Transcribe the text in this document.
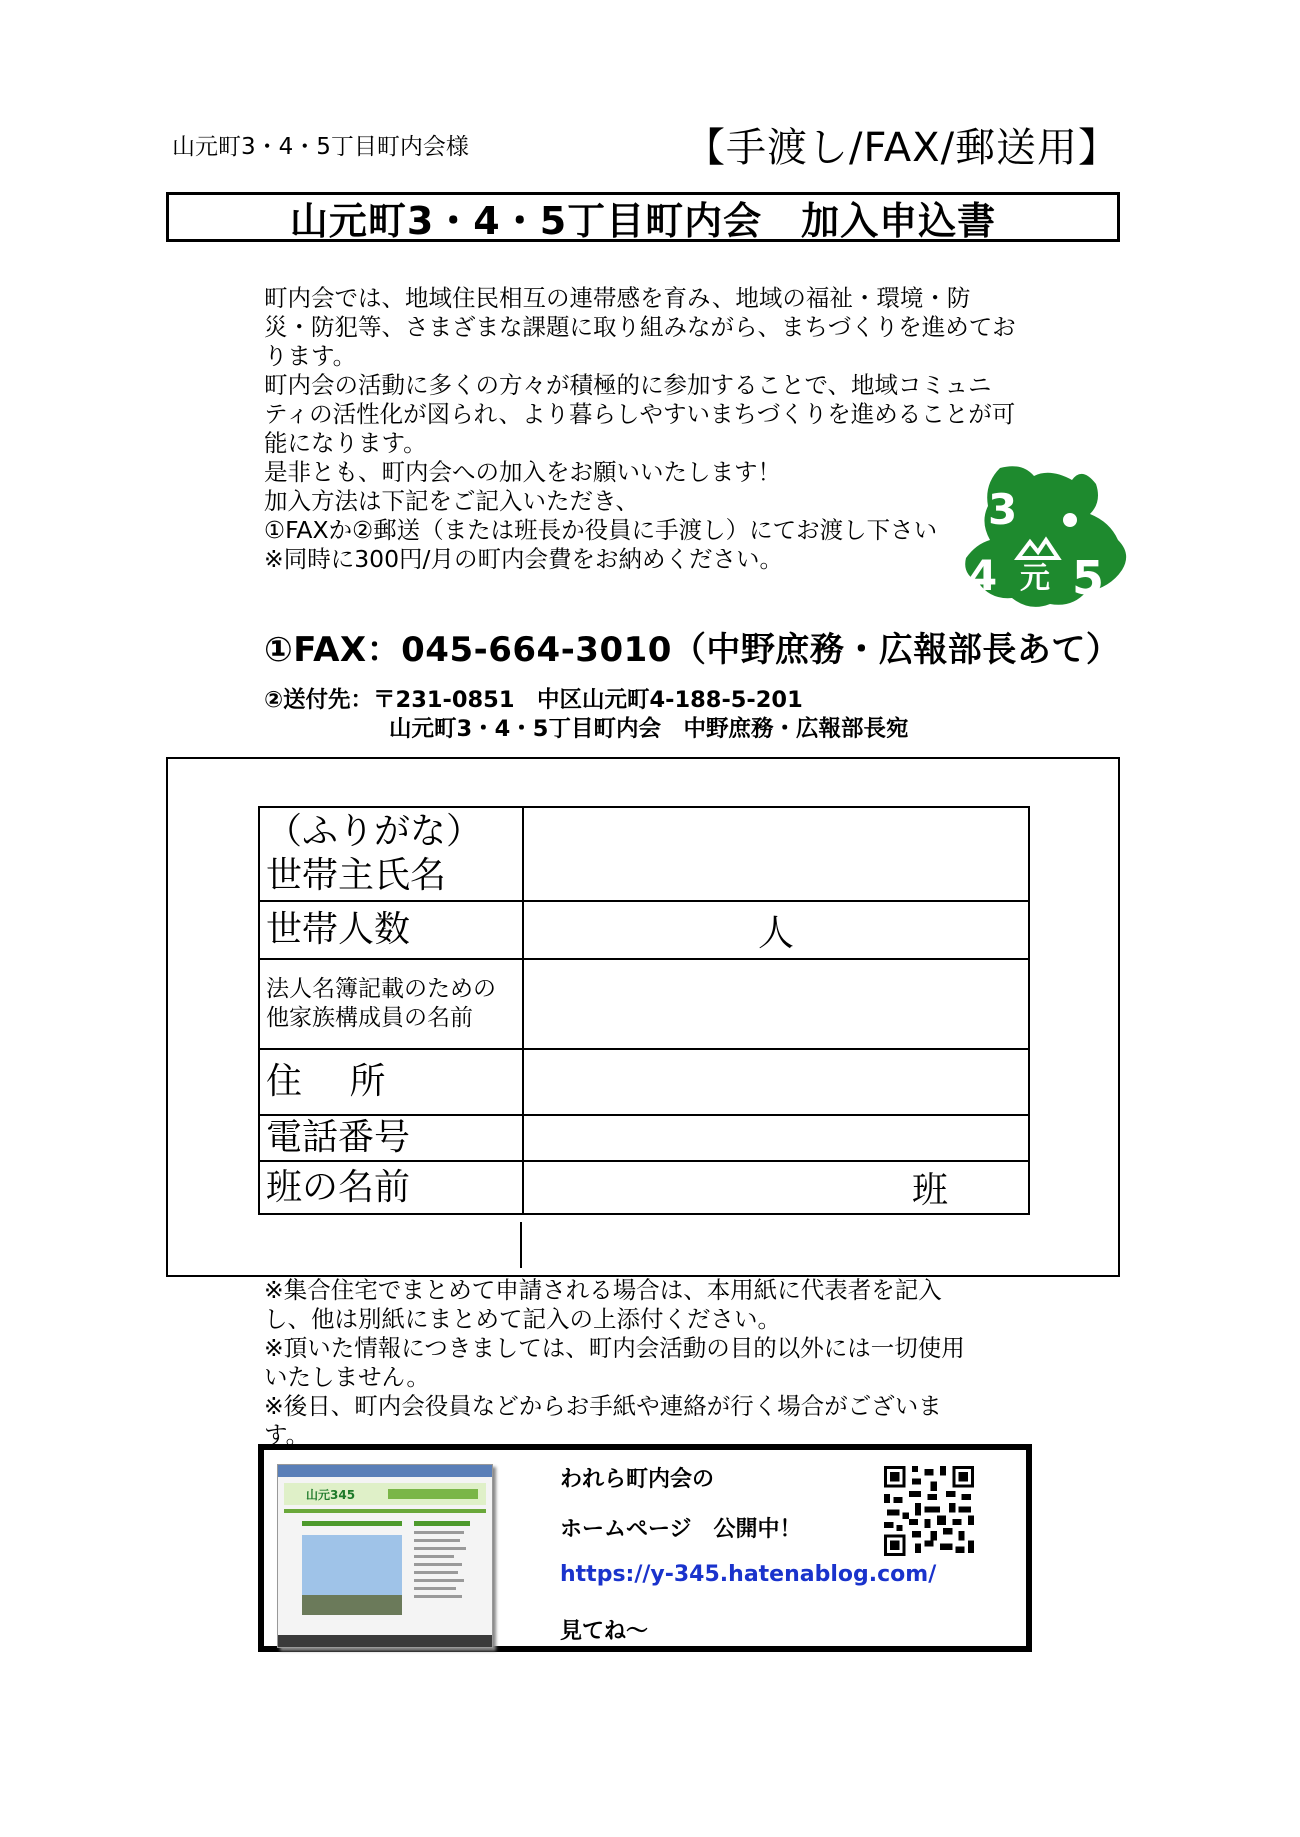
山元町3・4・5丁目町内会様	【手渡し/FAX/郵送用】
山元町3・4・5丁目町内会　加入申込書

町内会では、地域住民相互の連帯感を育み、地域の福祉・環境・防

災・防犯等、さまざまな課題に取り組みながら、まちづくりを進めてお

ります。

町内会の活動に多くの方々が積極的に参加することで、地域コミュニ

ティの活性化が図られ、より暮らしやすいまちづくりを進めることが可

能になります。

是非とも、町内会への加入をお願いいたします！

加入方法は下記をご記入いただき、

①FAXか②郵送（または班長か役員に手渡し）にてお渡し下さい

※同時に300円/月の町内会費をお納めください。

3
4 5
元
①FAX：045-664-3010（中野庶務・広報部長あて）
②送付先：〒231-0851　中区山元町4-188-5-201
山元町3・4・5丁目町内会　中野庶務・広報部長宛
（ふりがな）
世帯主氏名	

世帯人数	人

法人名簿記載のための
他家族構成員の名前	

住　 所	
電話番号	
班の名前	班

※集合住宅でまとめて申請される場合は、本用紙に代表者を記入

し、他は別紙にまとめて記入の上添付ください。

※頂いた情報につきましては、町内会活動の目的以外には一切使用

いたしません。

※後日、町内会役員などからお手紙や連絡が行く場合がございま

す。

山元345
われら町内会の
ホームページ　公開中！
https://y-345.hatenablog.com/
見てね～
